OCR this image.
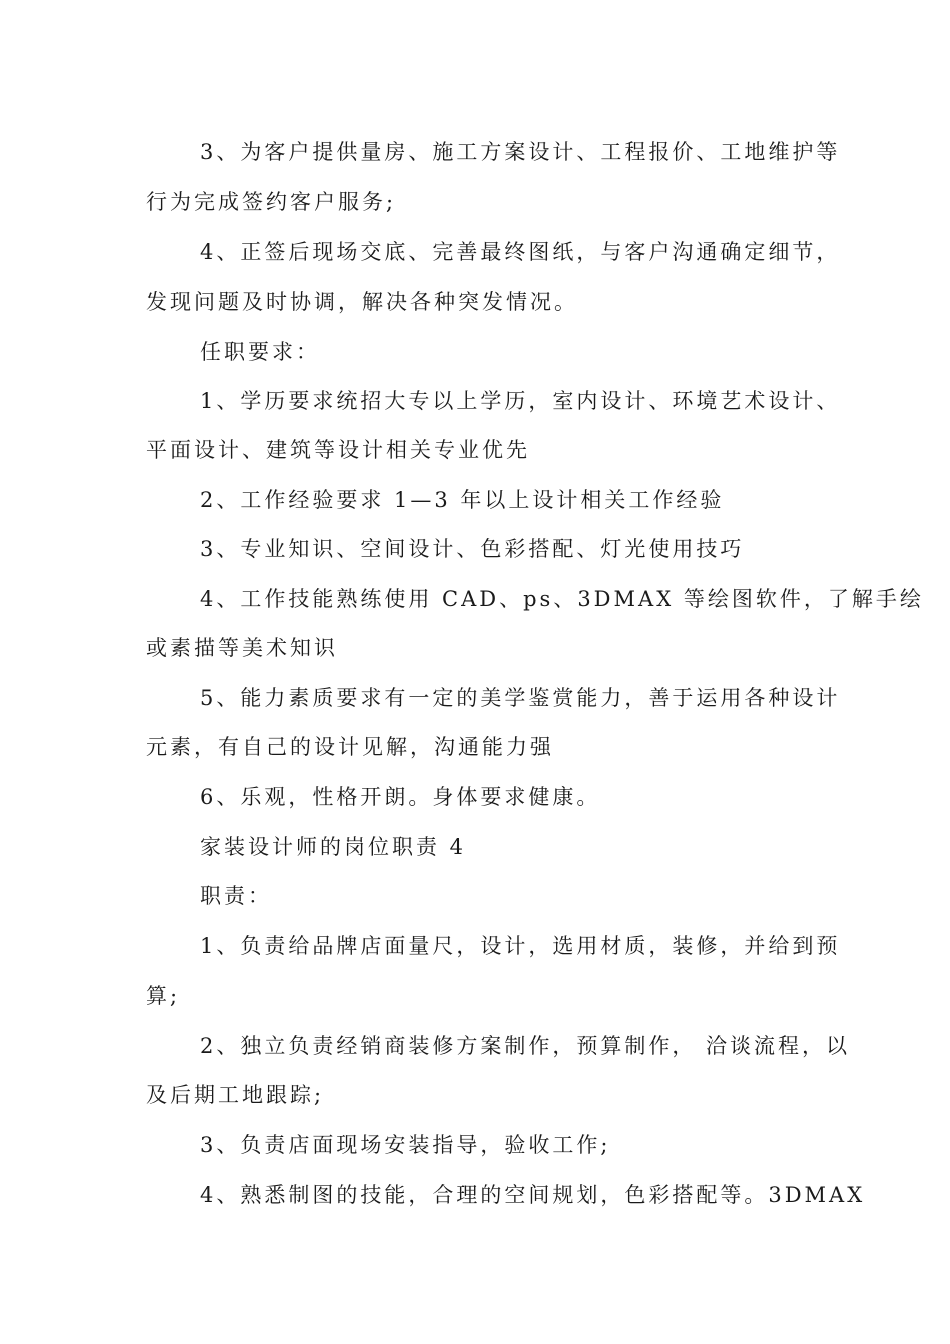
3、为客户提供量房、施工方案设计、工程报价、工地维护等
行为完成签约客户服务;
4、正签后现场交底、完善最终图纸，与客户沟通确定细节，
发现问题及时协调，解决各种突发情况。
任职要求：
1、学历要求统招大专以上学历，室内设计、环境艺术设计、
平面设计、建筑等设计相关专业优先
2、工作经验要求 1—3 年以上设计相关工作经验
3、专业知识、空间设计、色彩搭配、灯光使用技巧
4、工作技能熟练使用 CAD、ps、3DMAX 等绘图软件，了解手绘
或素描等美术知识
5、能力素质要求有一定的美学鉴赏能力，善于运用各种设计
元素，有自己的设计见解，沟通能力强
6、乐观，性格开朗。身体要求健康。
家装设计师的岗位职责 4
职责：
1、负责给品牌店面量尺，设计，选用材质，装修，并给到预
算;
2、独立负责经销商装修方案制作，预算制作， 洽谈流程，以
及后期工地跟踪;
3、负责店面现场安装指导，验收工作;
4、熟悉制图的技能，合理的空间规划，色彩搭配等。3DMAX
